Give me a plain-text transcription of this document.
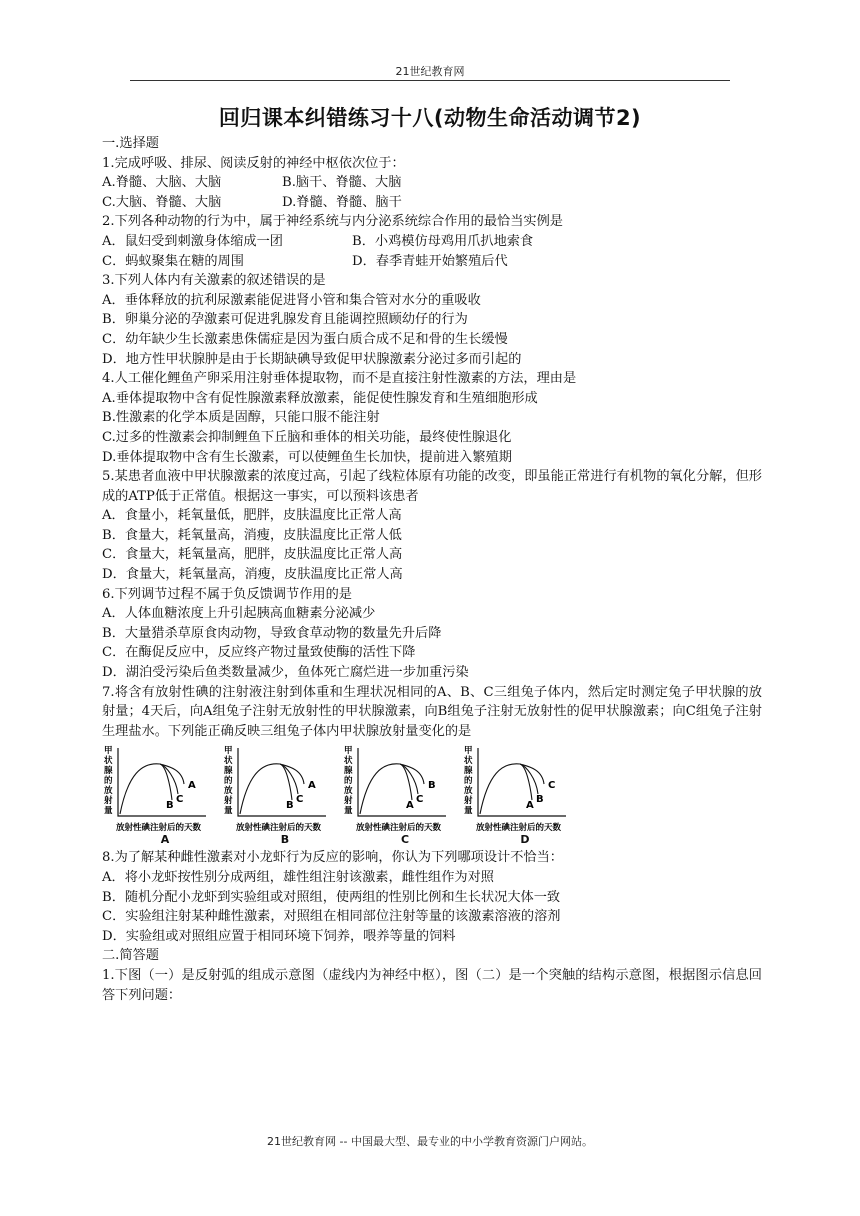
21世纪教育网
回归课本纠错练习十八(动物生命活动调节2)

一.选择题

1.完成呼吸、排尿、阅读反射的神经中枢依次位于：

A.脊髓、大脑、大脑	B.脑干、脊髓、大脑
C.大脑、脊髓、大脑	D.脊髓、脊髓、脑干

2.下列各种动物的行为中，属于神经系统与内分泌系统综合作用的最恰当实例是

A．鼠妇受到刺激身体缩成一团	B．小鸡模仿母鸡用爪扒地索食
C．蚂蚁聚集在糖的周围	D．春季青蛙开始繁殖后代

3.下列人体内有关激素的叙述错误的是

A．垂体释放的抗利尿激素能促进肾小管和集合管对水分的重吸收

B．卵巢分泌的孕激素可促进乳腺发育且能调控照顾幼仔的行为

C．幼年缺少生长激素患侏儒症是因为蛋白质合成不足和骨的生长缓慢

D．地方性甲状腺肿是由于长期缺碘导致促甲状腺激素分泌过多而引起的

4.人工催化鲤鱼产卵采用注射垂体提取物，而不是直接注射性激素的方法，理由是

A.垂体提取物中含有促性腺激素释放激素，能促使性腺发育和生殖细胞形成

B.性激素的化学本质是固醇，只能口服不能注射

C.过多的性激素会抑制鲤鱼下丘脑和垂体的相关功能，最终使性腺退化

D.垂体提取物中含有生长激素，可以使鲤鱼生长加快，提前进入繁殖期

5.某患者血液中甲状腺激素的浓度过高，引起了线粒体原有功能的改变，即虽能正常进行有机物的氧化分解，但形成的ATP低于正常值。根据这一事实，可以预料该患者

A．食量小，耗氧量低，肥胖，皮肤温度比正常人高

B．食量大，耗氧量高，消瘦，皮肤温度比正常人低

C．食量大，耗氧量高，肥胖，皮肤温度比正常人高

D．食量大，耗氧量高，消瘦，皮肤温度比正常人高

6.下列调节过程不属于负反馈调节作用的是

A．人体血糖浓度上升引起胰高血糖素分泌减少

B．大量猎杀草原食肉动物，导致食草动物的数量先升后降

C．在酶促反应中，反应终产物过量致使酶的活性下降

D．湖泊受污染后鱼类数量减少，鱼体死亡腐烂进一步加重污染

7.将含有放射性碘的注射液注射到体重和生理状况相同的A、B、C三组兔子体内，然后定时测定兔子甲状腺的放射量；4天后，向A组兔子注射无放射性的甲状腺激素，向B组兔子注射无放射性的促甲状腺激素；向C组兔子注射生理盐水。下列能正确反映三组兔子体内甲状腺放射量变化的是

甲
状
腺
的
放
射
量	B
C
A
放射性碘注射后的天数
A
甲
状
腺
的
放
射
量	B
C
A
放射性碘注射后的天数
B
甲
状
腺
的
放
射
量	A
C
B
放射性碘注射后的天数
C
甲
状
腺
的
放
射
量	A
B
C
放射性碘注射后的天数
D

8.为了解某种雌性激素对小龙虾行为反应的影响，你认为下列哪项设计不恰当：

A．将小龙虾按性别分成两组，雄性组注射该激素，雌性组作为对照

B．随机分配小龙虾到实验组或对照组，使两组的性别比例和生长状况大体一致

C．实验组注射某种雌性激素，对照组在相同部位注射等量的该激素溶液的溶剂

D．实验组或对照组应置于相同环境下饲养，喂养等量的饲料

二.简答题

1.下图（一）是反射弧的组成示意图（虚线内为神经中枢），图（二）是一个突触的结构示意图，根据图示信息回答下列问题：

21世纪教育网 -- 中国最大型、最专业的中小学教育资源门户网站。
